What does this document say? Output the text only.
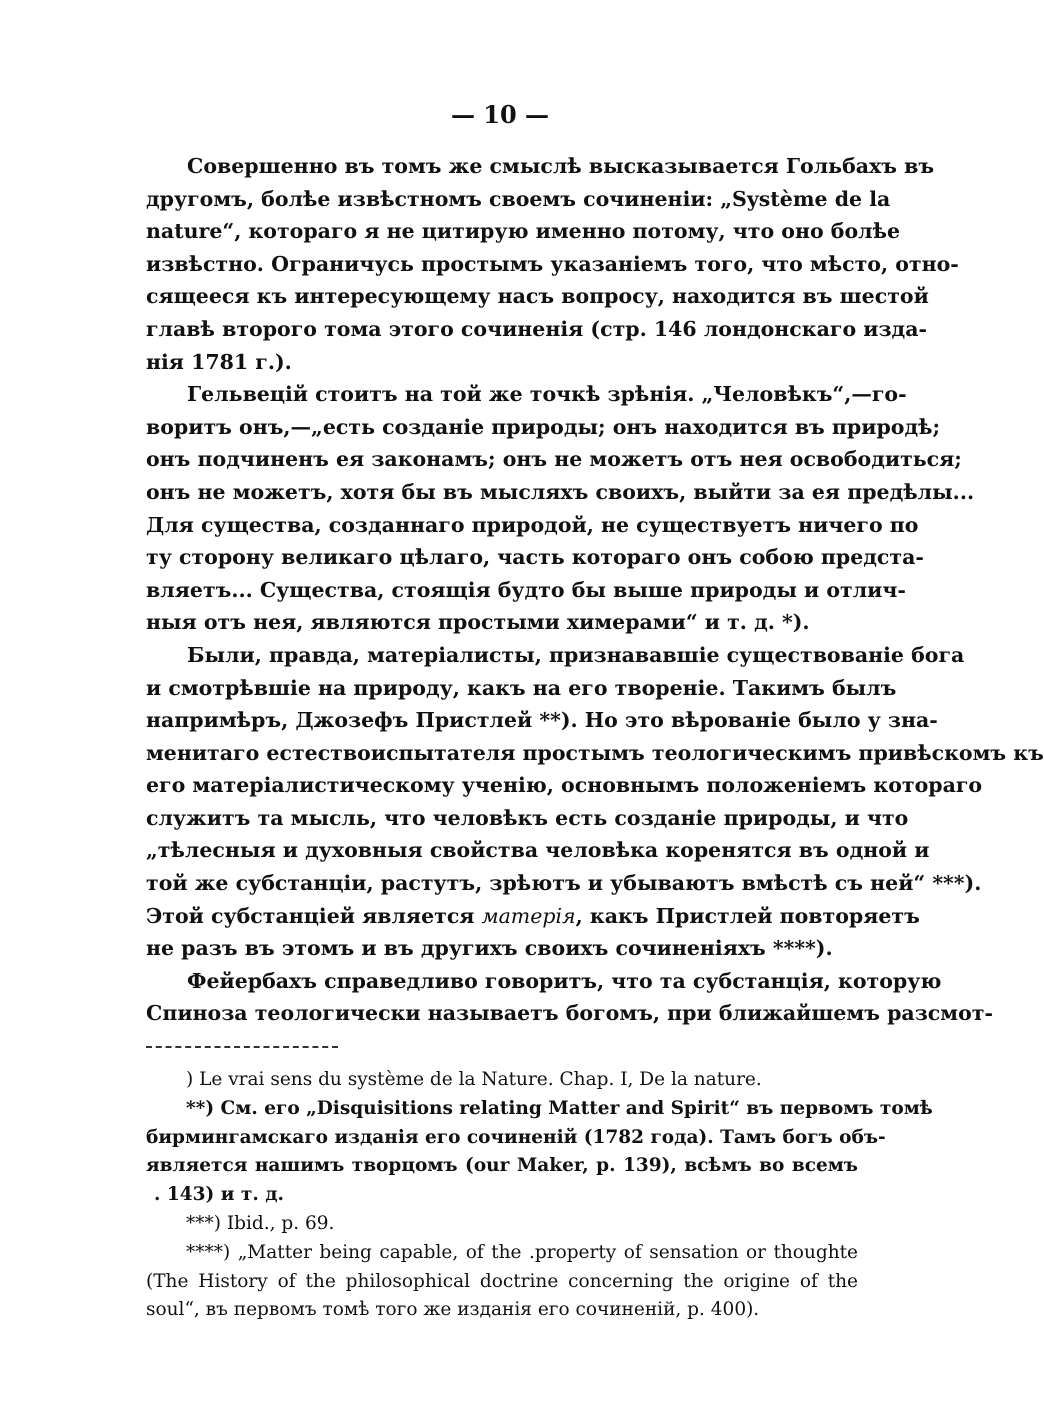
— 10 —
Совершенно въ томъ же смыслѣ высказывается Гольбахъ въ
другомъ, болѣе извѣстномъ своемъ сочиненіи: „Système de la
nature“, котораго я не цитирую именно потому, что оно болѣе
извѣстно. Ограничусь простымъ указаніемъ того, что мѣсто, отно-
сящееся къ интересующему насъ вопросу, находится въ шестой
главѣ второго тома этого сочиненія (стр. 146 лондонскаго изда-
нія 1781 г.).
Гельвецій стоитъ на той же точкѣ зрѣнія. „Человѣкъ“,—го-
воритъ онъ,—„есть созданіе природы; онъ находится въ природѣ;
онъ подчиненъ ея законамъ; онъ не можетъ отъ нея освободиться;
онъ не можетъ, хотя бы въ мысляхъ своихъ, выйти за ея предѣлы...
Для существа, созданнаго природой, не существуетъ ничего по
ту сторону великаго цѣлаго, часть котораго онъ собою предста-
вляетъ... Существа, стоящія будто бы выше природы и отлич-
ныя отъ нея, являются простыми химерами“ и т. д. *).
Были, правда, матеріалисты, признававшіе существованіе бога
и смотрѣвшіе на природу, какъ на его твореніе. Такимъ былъ
напримѣръ, Джозефъ Пристлей **). Но это вѣрованіе было у зна-
менитаго естествоиспытателя простымъ теологическимъ привѣскомъ къ
его матеріалистическому ученію, основнымъ положеніемъ котораго
служитъ та мысль, что человѣкъ есть созданіе природы, и что
„тѣлесныя и духовныя свойства человѣка коренятся въ одной и
той же субстанціи, растутъ, зрѣютъ и убываютъ вмѣстѣ съ ней“ ***).
Этой субстанціей является матерія, какъ Пристлей повторяетъ
не разъ въ этомъ и въ другихъ своихъ сочиненіяхъ ****).
Фейербахъ справедливо говоритъ, что та субстанція, которую
Спиноза теологически называетъ богомъ, при ближайшемъ разсмот-
) Le vrai sens du système de la Nature. Chap. I, De la nature.
**) См. его „Disquisitions relating Matter and Spirit“ въ первомъ томѣ
бирмингамскаго изданія его сочиненій (1782 года). Тамъ богъ объ-
является нашимъ творцомъ (our Maker, p. 139), всѣмъ во всемъ
. 143) и т. д.
***) Ibid., p. 69.
****) „Matter being capable, of the .property of sensation or thoughte
(The History of the philosophical doctrine concerning the origine of the
soul“, въ первомъ томѣ того же изданія его сочиненій, p. 400).
